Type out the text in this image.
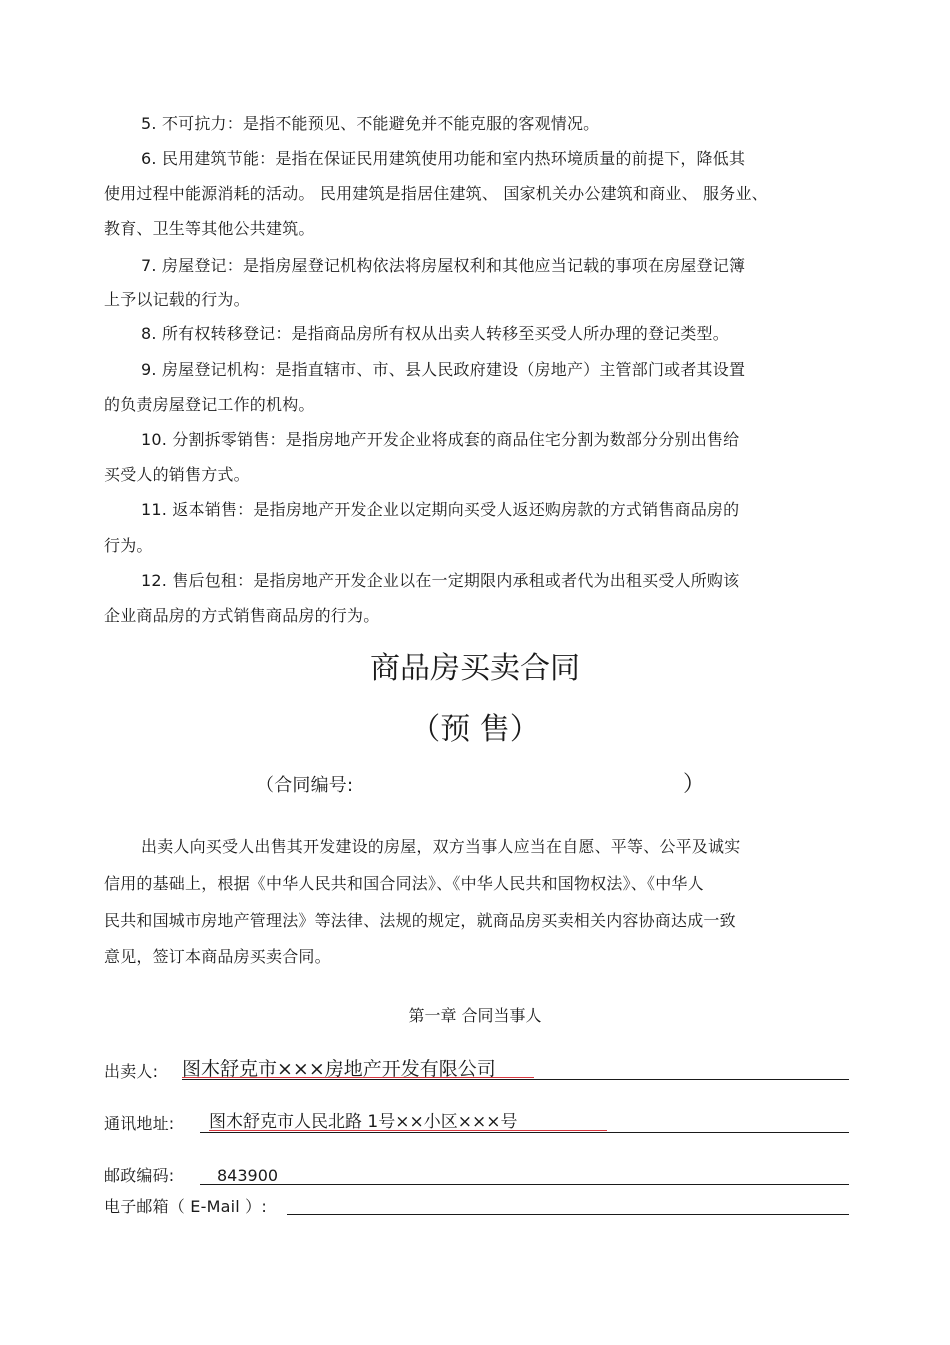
5. 不可抗力：是指不能预见、不能避免并不能克服的客观情况。
6. 民用建筑节能：是指在保证民用建筑使用功能和室内热环境质量的前提下，降低其
使用过程中能源消耗的活动。 民用建筑是指居住建筑、 国家机关办公建筑和商业、 服务业、
教育、卫生等其他公共建筑。
7. 房屋登记：是指房屋登记机构依法将房屋权利和其他应当记载的事项在房屋登记簿
上予以记载的行为。
8. 所有权转移登记：是指商品房所有权从出卖人转移至买受人所办理的登记类型。
9. 房屋登记机构：是指直辖市、市、县人民政府建设（房地产）主管部门或者其设置
的负责房屋登记工作的机构。
10. 分割拆零销售：是指房地产开发企业将成套的商品住宅分割为数部分分别出售给
买受人的销售方式。
11. 返本销售：是指房地产开发企业以定期向买受人返还购房款的方式销售商品房的
行为。
12. 售后包租：是指房地产开发企业以在一定期限内承租或者代为出租买受人所购该
企业商品房的方式销售商品房的行为。
商品房买卖合同
（预 售）
（合同编号:	）
出卖人向买受人出售其开发建设的房屋，双方当事人应当在自愿、平等、公平及诚实
信用的基础上，根据《中华人民共和国合同法》、《中华人民共和国物权法》、《中华人
民共和国城市房地产管理法》等法律、法规的规定，就商品房买卖相关内容协商达成一致
意见，签订本商品房买卖合同。
第一章 合同当事人
出卖人: 图木舒克市×××房地产开发有限公司
通讯地址: 图木舒克市人民北路 1号××小区×××号
邮政编码:	843900
电子邮箱（ E-Mail ）:
